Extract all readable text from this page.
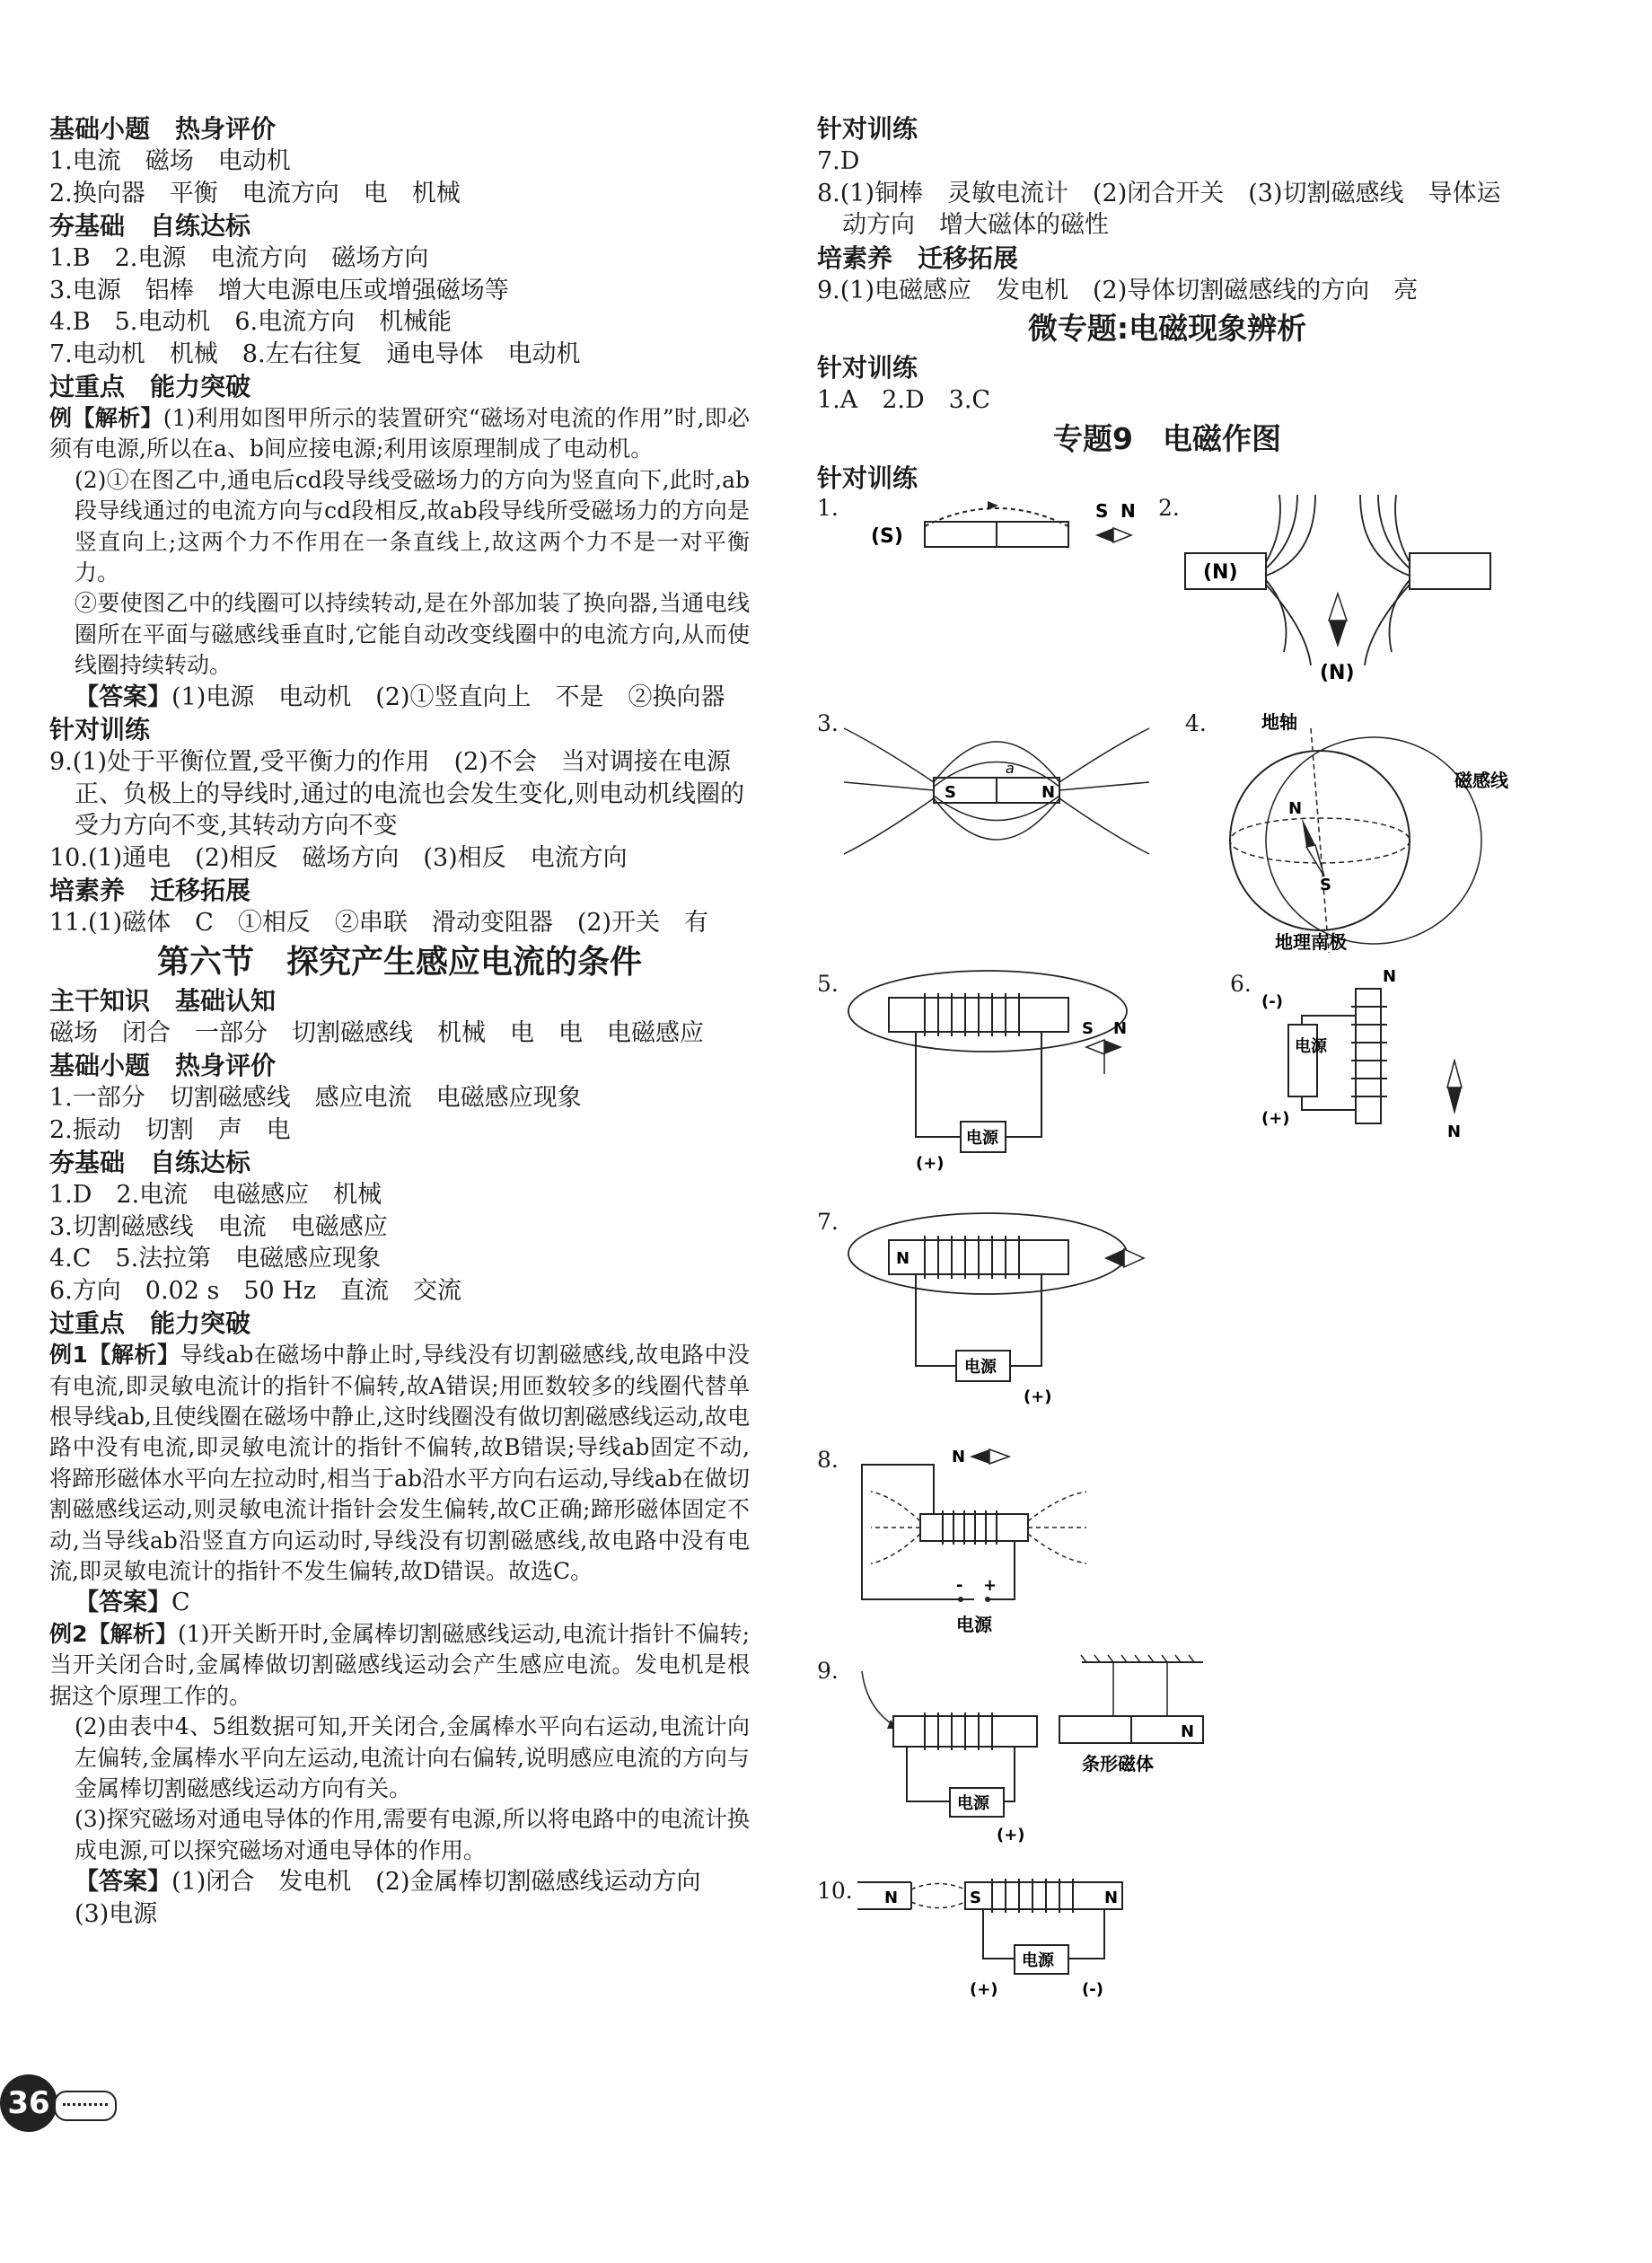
基础小题　热身评价

1.电流　磁场　电动机

2.换向器　平衡　电流方向　电　机械

夯基础　自练达标

1.B　2.电源　电流方向　磁场方向

3.电源　铝棒　增大电源电压或增强磁场等

4.B　5.电动机　6.电流方向　机械能

7.电动机　机械　8.左右往复　通电导体　电动机

过重点　能力突破

例【解析】(1)利用如图甲所示的装置研究“磁场对电流的作用”时,即必须有电源,所以在a、b间应接电源;利用该原理制成了电动机。

(2)①在图乙中,通电后cd段导线受磁场力的方向为竖直向下,此时,ab段导线通过的电流方向与cd段相反,故ab段导线所受磁场力的方向是竖直向上;这两个力不作用在一条直线上,故这两个力不是一对平衡力。

②要使图乙中的线圈可以持续转动,是在外部加装了换向器,当通电线圈所在平面与磁感线垂直时,它能自动改变线圈中的电流方向,从而使线圈持续转动。

【答案】(1)电源　电动机　(2)①竖直向上　不是　②换向器

针对训练

9.(1)处于平衡位置,受平衡力的作用　(2)不会　当对调接在电源正、负极上的导线时,通过的电流也会发生变化,则电动机线圈的受力方向不变,其转动方向不变

10.(1)通电　(2)相反　磁场方向　(3)相反　电流方向

培素养　迁移拓展

11.(1)磁体　C　①相反　②串联　滑动变阻器　(2)开关　有

第六节　探究产生感应电流的条件

主干知识　基础认知

磁场　闭合　一部分　切割磁感线　机械　电　电　电磁感应

基础小题　热身评价

1.一部分　切割磁感线　感应电流　电磁感应现象

2.振动　切割　声　电

夯基础　自练达标

1.D　2.电流　电磁感应　机械

3.切割磁感线　电流　电磁感应

4.C　5.法拉第　电磁感应现象

6.方向　0.02 s　50 Hz　直流　交流

过重点　能力突破

例1【解析】导线ab在磁场中静止时,导线没有切割磁感线,故电路中没有电流,即灵敏电流计的指针不偏转,故A错误;用匝数较多的线圈代替单根导线ab,且使线圈在磁场中静止,这时线圈没有做切割磁感线运动,故电路中没有电流,即灵敏电流计的指针不偏转,故B错误;导线ab固定不动,将蹄形磁体水平向左拉动时,相当于ab沿水平方向右运动,导线ab在做切割磁感线运动,则灵敏电流计指针会发生偏转,故C正确;蹄形磁体固定不动,当导线ab沿竖直方向运动时,导线没有切割磁感线,故电路中没有电流,即灵敏电流计的指针不发生偏转,故D错误。故选C。

【答案】C

例2【解析】(1)开关断开时,金属棒切割磁感线运动,电流计指针不偏转;当开关闭合时,金属棒做切割磁感线运动会产生感应电流。发电机是根据这个原理工作的。

(2)由表中4、5组数据可知,开关闭合,金属棒水平向右运动,电流计向左偏转,金属棒水平向左运动,电流计向右偏转,说明感应电流的方向与金属棒切割磁感线运动方向有关。

(3)探究磁场对通电导体的作用,需要有电源,所以将电路中的电流计换成电源,可以探究磁场对通电导体的作用。

【答案】(1)闭合　发电机　(2)金属棒切割磁感线运动方向

(3)电源

针对训练

7.D

8.(1)铜棒　灵敏电流计　(2)闭合开关　(3)切割磁感线　导体运动方向　增大磁体的磁性

培素养　迁移拓展

9.(1)电磁感应　发电机　(2)导体切割磁感线的方向　亮

微专题:电磁现象辨析

针对训练

1.A　2.D　3.C

专题9　电磁作图

针对训练

1.
(S)
S N 2.
(N)
(N)
3.
S	N
a
4.	地轴
磁感线
地理南极
N
S
5.
电源
(+)
S N
6.
电源
(-)
(+)
N
N
7.
N
电源
(+)
8.	N
- +
电源
9.
电源
(+)
N
条形磁体
10. N	S	N
电源
(+)	(-)
36
